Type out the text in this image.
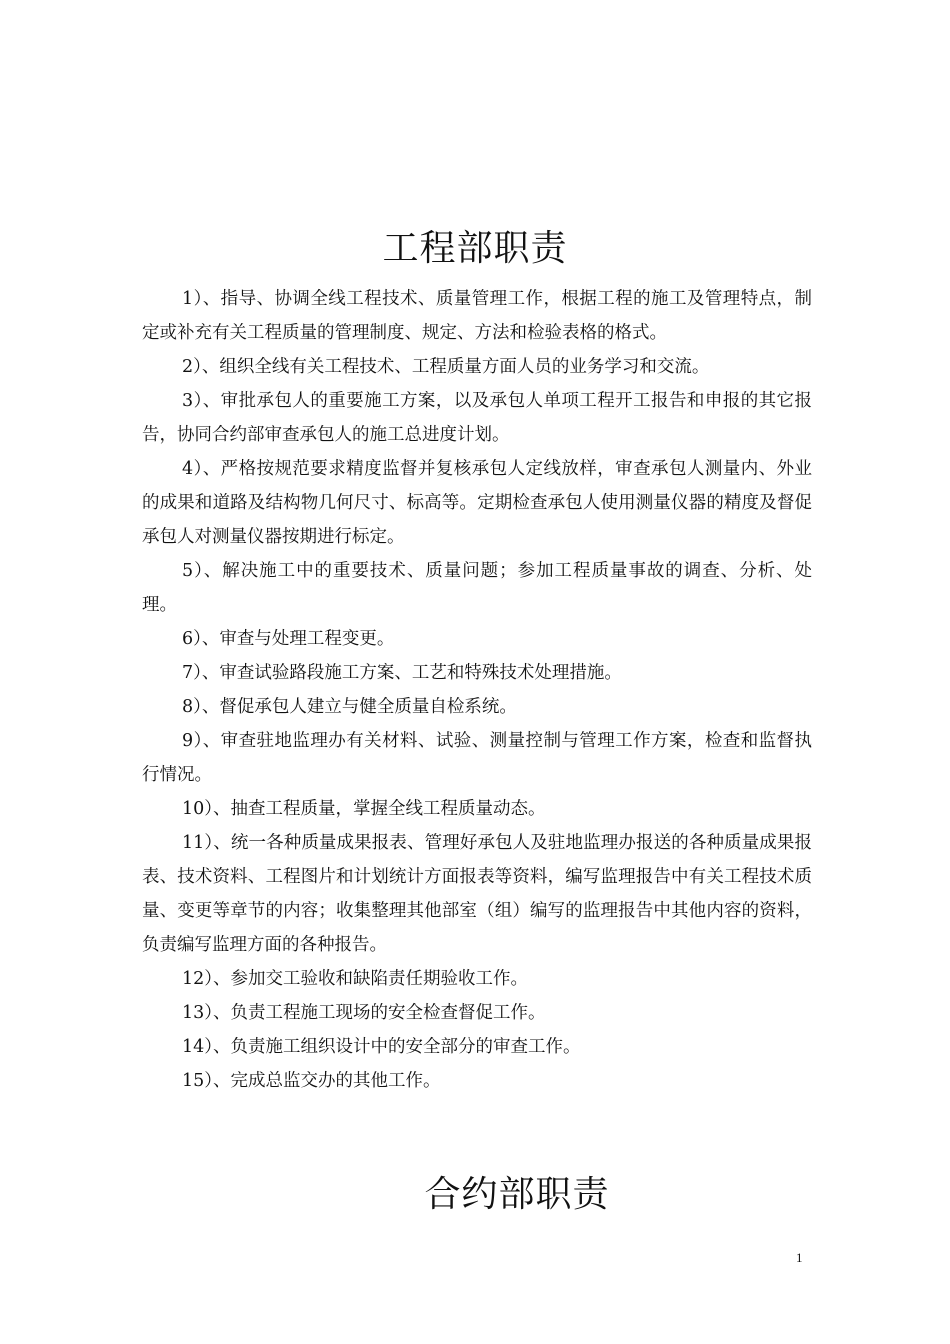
工程部职责

1）、指导、协调全线工程技术、质量管理工作，根据工程的施工及管理特点，制定或补充有关工程质量的管理制度、规定、方法和检验表格的格式。

2）、组织全线有关工程技术、工程质量方面人员的业务学习和交流。

3）、审批承包人的重要施工方案，以及承包人单项工程开工报告和申报的其它报告，协同合约部审查承包人的施工总进度计划。

4）、严格按规范要求精度监督并复核承包人定线放样，审查承包人测量内、外业的成果和道路及结构物几何尺寸、标高等。定期检查承包人使用测量仪器的精度及督促承包人对测量仪器按期进行标定。

5）、解决施工中的重要技术、质量问题；参加工程质量事故的调查、分析、处理。

6）、审查与处理工程变更。

7）、审查试验路段施工方案、工艺和特殊技术处理措施。

8）、督促承包人建立与健全质量自检系统。

9）、审查驻地监理办有关材料、试验、测量控制与管理工作方案，检查和监督执行情况。

10）、抽查工程质量，掌握全线工程质量动态。

11）、统一各种质量成果报表、管理好承包人及驻地监理办报送的各种质量成果报表、技术资料、工程图片和计划统计方面报表等资料，编写监理报告中有关工程技术质量、变更等章节的内容；收集整理其他部室（组）编写的监理报告中其他内容的资料，负责编写监理方面的各种报告。

12）、参加交工验收和缺陷责任期验收工作。

13）、负责工程施工现场的安全检查督促工作。

14）、负责施工组织设计中的安全部分的审查工作。

15）、完成总监交办的其他工作。

合约部职责
1
